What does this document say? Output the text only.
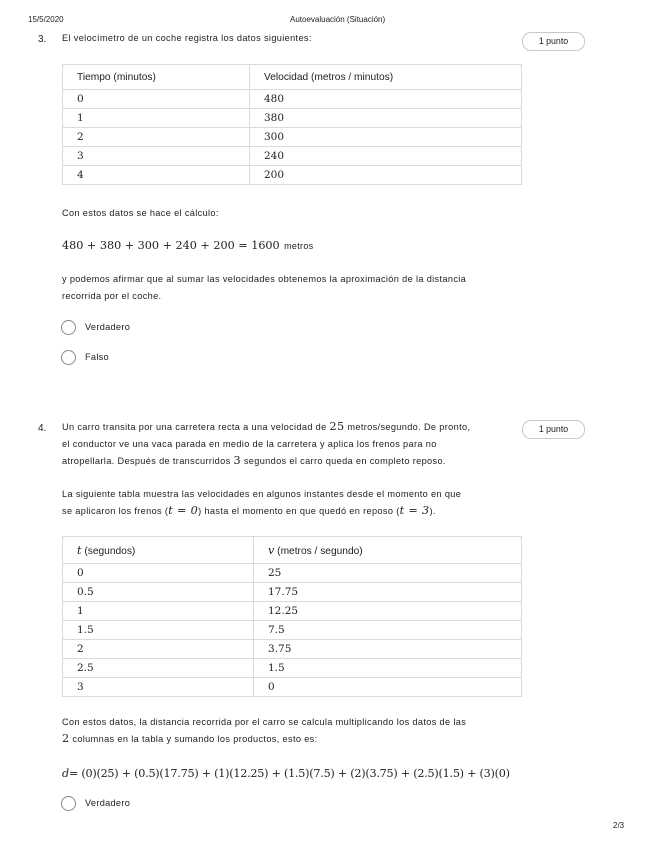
15/5/2020	Autoevaluación (Situación)
3. El velocímetro de un coche registra los datos siguientes:	1 punto
Tiempo (minutos)	Velocidad (metros / minutos)
0	480
1	380
2	300
3	240
4	200
Con estos datos se hace el cálculo:
480 + 380 + 300 + 240 + 200 = 1600 metros
y podemos afirmar que al sumar las velocidades obtenemos la aproximación de la distancia
recorrida por el coche.
Verdadero
Falso
4.	1 punto
Un carro transita por una carretera recta a una velocidad de 25 metros/segundo. De pronto,
el conductor ve una vaca parada en medio de la carretera y aplica los frenos para no
atropellarla. Después de transcurridos 3 segundos el carro queda en completo reposo.
La siguiente tabla muestra las velocidades en algunos instantes desde el momento en que
se aplicaron los frenos (t = 0) hasta el momento en que quedó en reposo (t = 3).
t (segundos)	v (metros / segundo)
0	25
0.5	17.75
1	12.25
1.5	7.5
2	3.75
2.5	1.5
3	0
Con estos datos, la distancia recorrida por el carro se calcula multiplicando los datos de las
2 columnas en la tabla y sumando los productos, esto es:
d= (0)(25) + (0.5)(17.75) + (1)(12.25) + (1.5)(7.5) + (2)(3.75) + (2.5)(1.5) + (3)(0)
Verdadero
2/3
